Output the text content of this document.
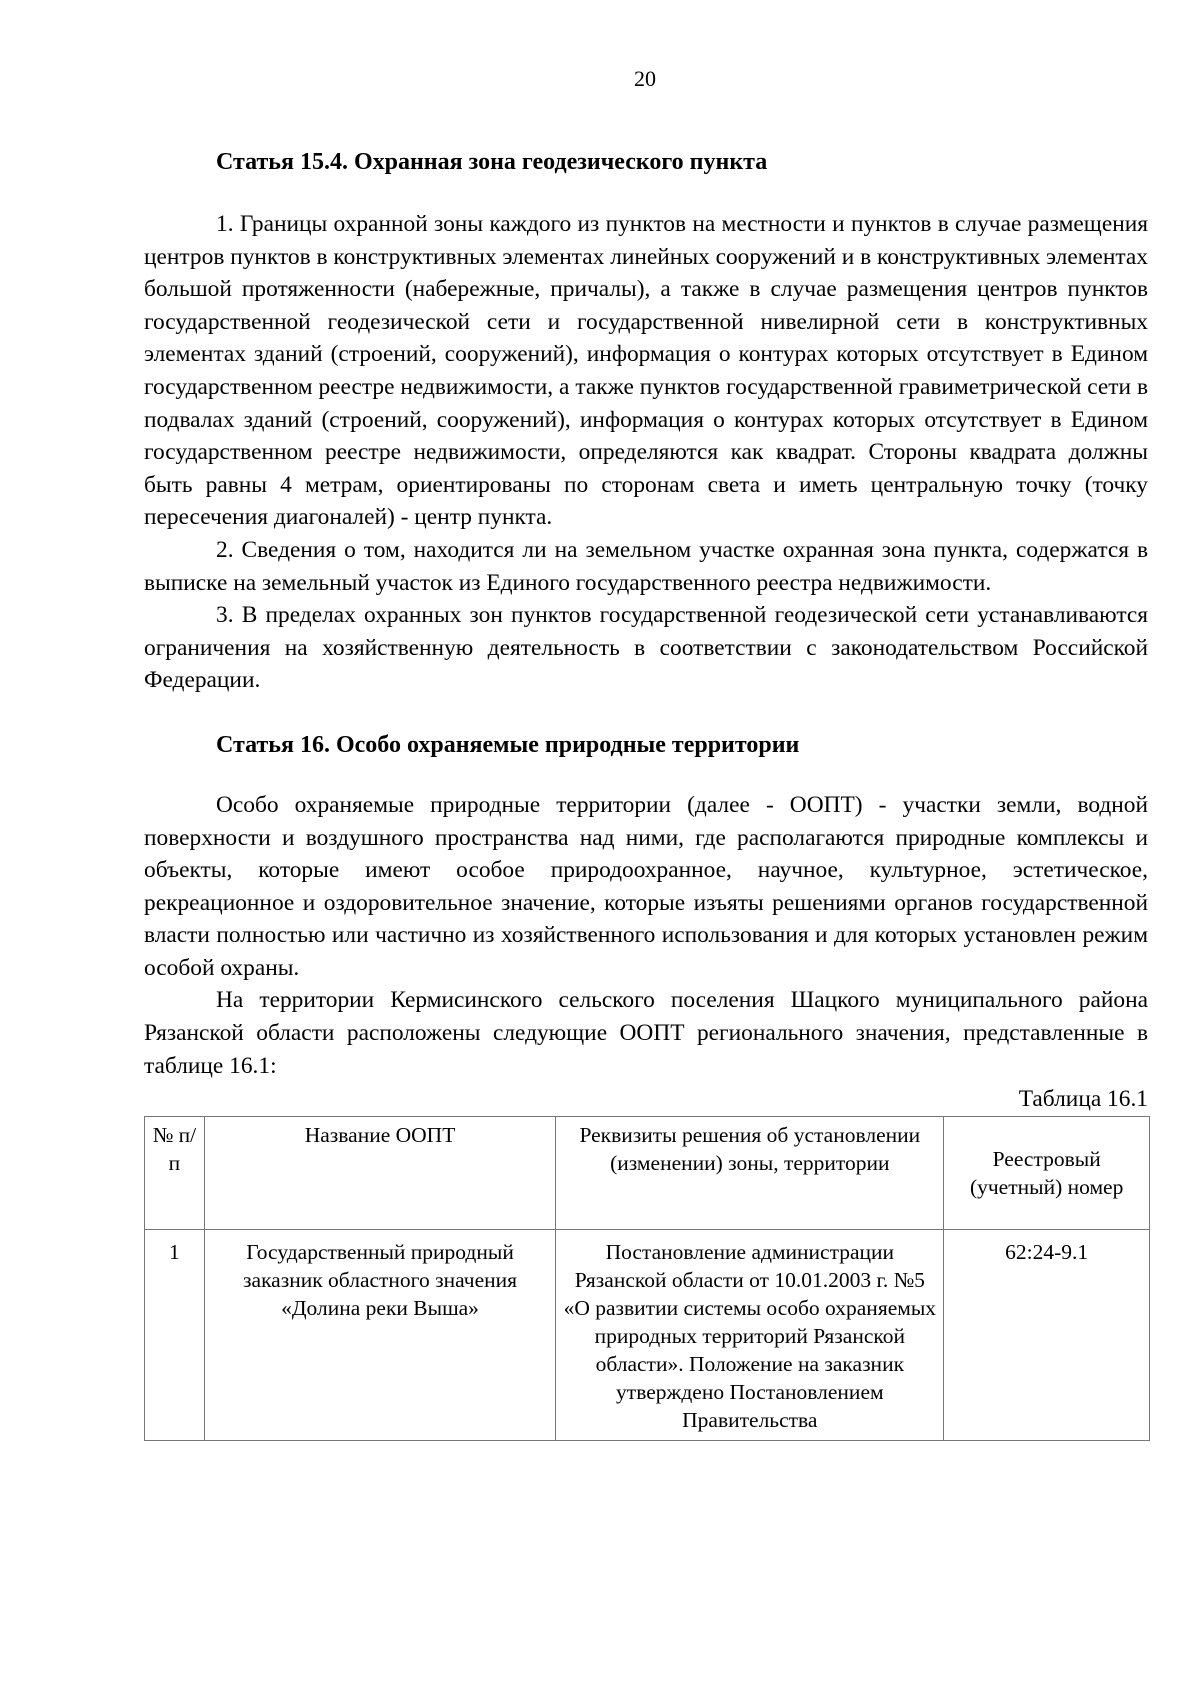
20
Статья 15.4. Охранная зона геодезического пункта

1. Границы охранной зоны каждого из пунктов на местности и пунктов в случае размещения центров пунктов в конструктивных элементах линейных сооружений и в конструктивных элементах большой протяженности (набережные, причалы), а также в случае размещения центров пунктов государственной геодезической сети и государственной нивелирной сети в конструктивных элементах зданий (строений, сооружений), информация о контурах которых отсутствует в Едином государственном реестре недвижимости, а также пунктов государственной гравиметрической сети в подвалах зданий (строений, сооружений), информация о контурах которых отсутствует в Едином государственном реестре недвижимости, определяются как квадрат. Стороны квадрата должны быть равны 4 метрам, ориентированы по сторонам света и иметь центральную точку (точку пересечения диагоналей) - центр пункта.

2. Сведения о том, находится ли на земельном участке охранная зона пункта, содержатся в выписке на земельный участок из Единого государственного реестра недвижимости.

3. В пределах охранных зон пунктов государственной геодезической сети устанавливаются ограничения на хозяйственную деятельность в соответствии с законодательством Российской Федерации.

Статья 16. Особо охраняемые природные территории

Особо охраняемые природные территории (далее - ООПТ) - участки земли, водной поверхности и воздушного пространства над ними, где располагаются природные комплексы и объекты, которые имеют особое природоохранное, научное, культурное, эстетическое, рекреационное и оздоровительное значение, которые изъяты решениями органов государственной власти полностью или частично из хозяйственного использования и для которых установлен режим особой охраны.

На территории Кермисинского сельского поселения Шацкого муниципального района Рязанской области расположены следующие ООПТ регионального значения, представленные в таблице 16.1:

Таблица 16.1
№ п/п	Название ООПТ	Реквизиты решения об установлении (изменении) зоны, территории	Реестровый (учетный) номер
1	Государственный природный заказник областного значения «Долина реки Выша»	Постановление администрации Рязанской области от 10.01.2003 г. №5 «О развитии системы особо охраняемых природных территорий Рязанской области». Положение на заказник утверждено Постановлением Правительства	62:24-9.1
